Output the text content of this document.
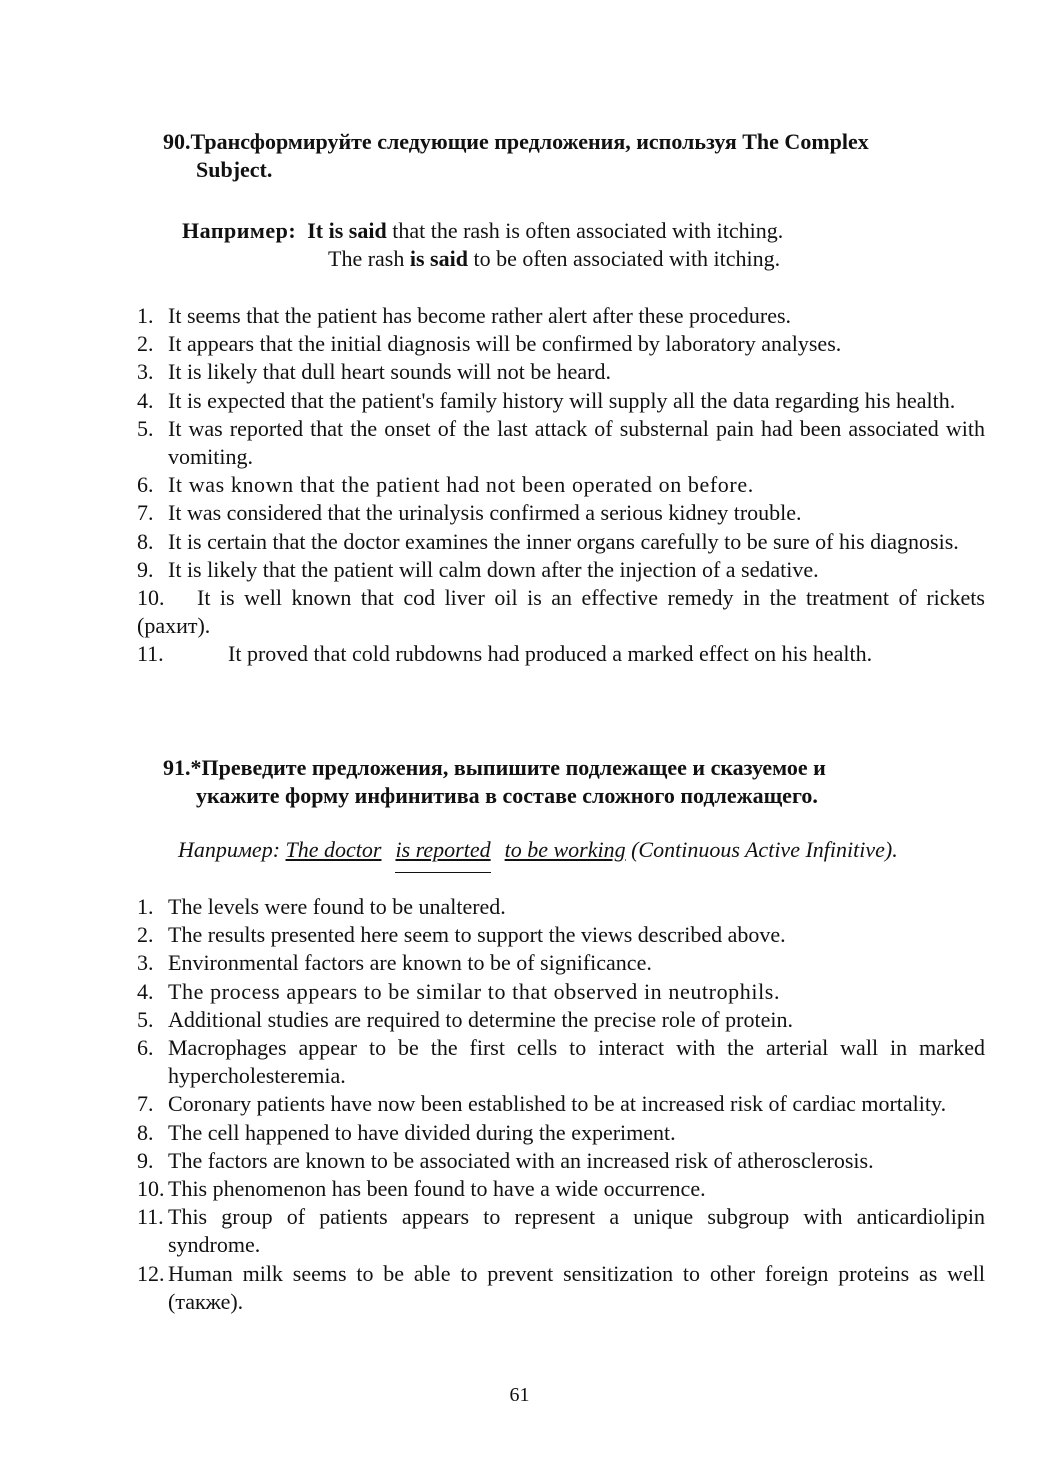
90.Трансформируйте следующие предложения, используя The Complex
Subject.
Например: It is said that the rash is often associated with itching.
The rash is said to be often associated with itching.
1. It seems that the patient has become rather alert after these procedures.
2. It appears that the initial diagnosis will be confirmed by laboratory analyses.
3. It is likely that dull heart sounds will not be heard.
4. It is expected that the patient's family history will supply all the data regarding his health.
5. It was reported that the onset of the last attack of substernal pain had been associated with vomiting.
6. It was known that the patient had not been operated on before.
7. It was considered that the urinalysis confirmed a serious kidney trouble.
8. It is certain that the doctor examines the inner organs carefully to be sure of his diagnosis.
9. It is likely that the patient will calm down after the injection of a sedative.
10.	It is well known that cod liver oil is an effective remedy in the treatment of rickets (рахит).
11.	It proved that cold rubdowns had produced a marked effect on his health.
91.*Преведите предложения, выпишите подлежащее и сказуемое и
укажите форму инфинитива в составе сложного подлежащего.
Например: The doctor is reported to be working (Continuous Active Infinitive).
1. The levels were found to be unaltered.
2. The results presented here seem to support the views described above.
3. Environmental factors are known to be of significance.
4. The process appears to be similar to that observed in neutrophils.
5. Additional studies are required to determine the precise role of protein.
6. Macrophages appear to be the first cells to interact with the arterial wall in marked hypercholesteremia.
7. Coronary patients have now been established to be at increased risk of cardiac mortality.
8. The cell happened to have divided during the experiment.
9. The factors are known to be associated with an increased risk of atherosclerosis.
10. This phenomenon has been found to have a wide occurrence.
11. This group of patients appears to represent a unique subgroup with anticardiolipin syndrome.
12. Human milk seems to be able to prevent sensitization to other foreign proteins as well (также).
61
